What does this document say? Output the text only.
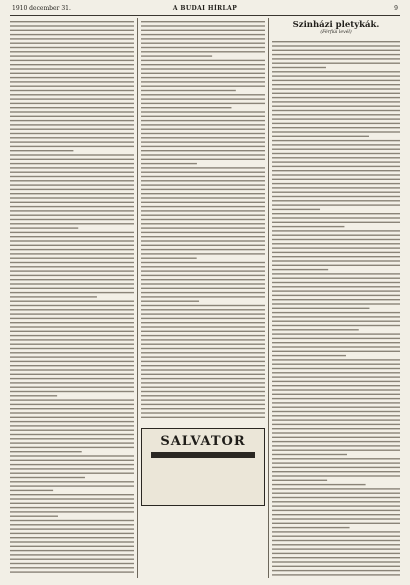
1910 december 31.	A BUDAI HÍRLAP	9
Szinházi pletykák.
(Férfiúi levél)
SALVATOR
